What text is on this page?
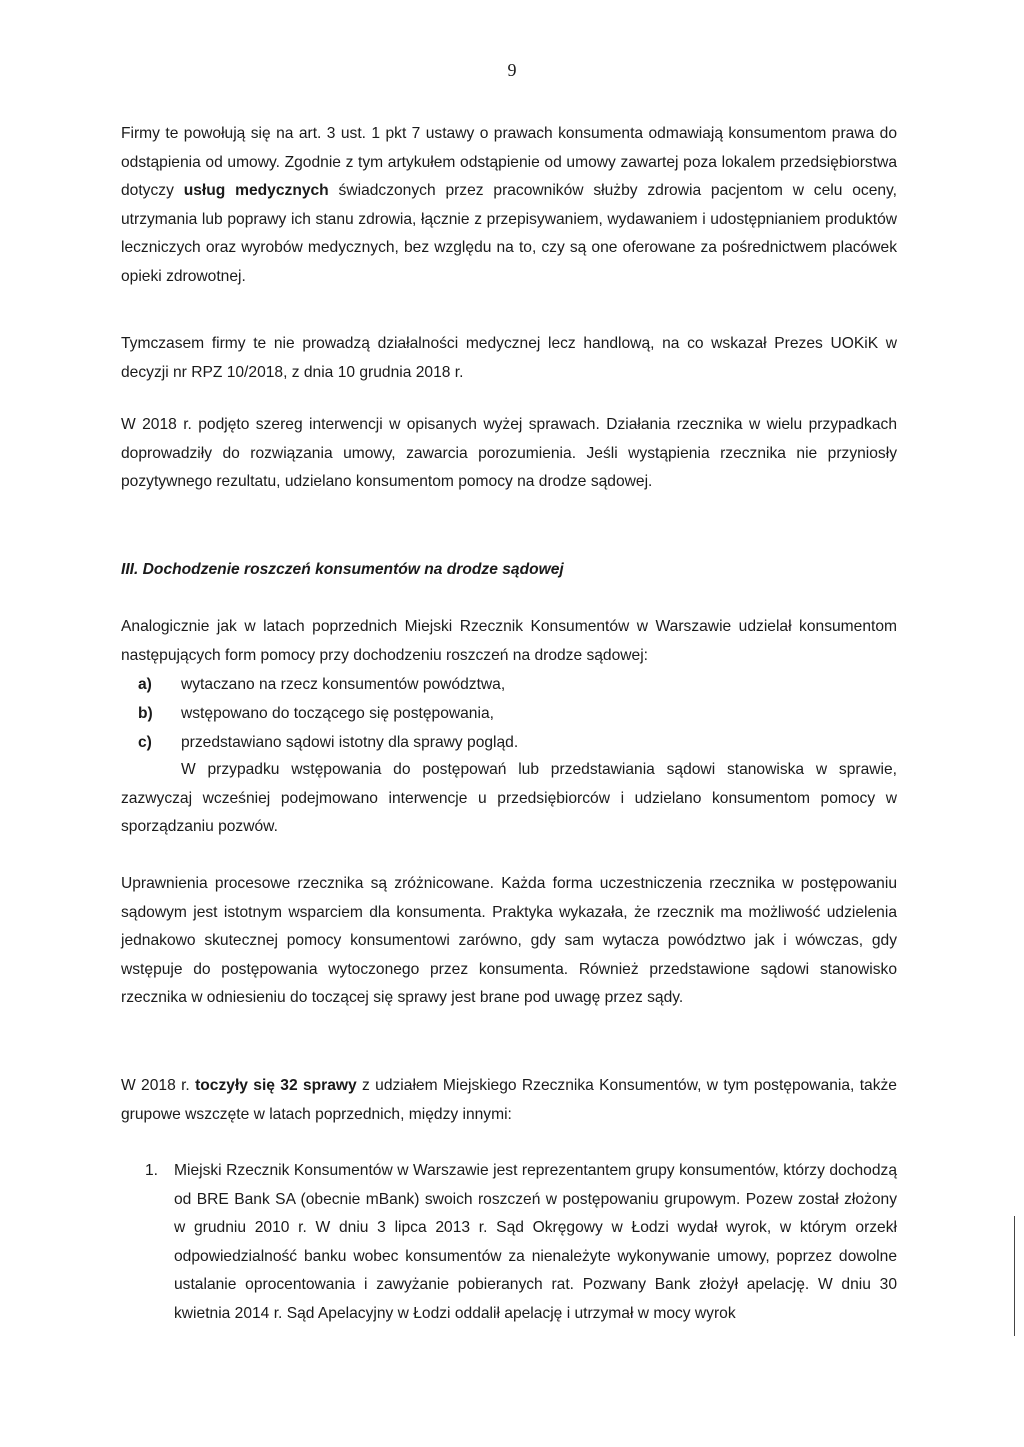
9

Firmy te powołują się na art. 3 ust. 1 pkt 7 ustawy o prawach konsumenta odmawiają konsumentom prawa do odstąpienia od umowy. Zgodnie z tym artykułem odstąpienie od umowy zawartej poza lokalem przedsiębiorstwa dotyczy usług medycznych świadczonych przez pracowników służby zdrowia pacjentom w celu oceny, utrzymania lub poprawy ich stanu zdrowia, łącznie z przepisywaniem, wydawaniem i udostępnianiem produktów leczniczych oraz wyrobów medycznych, bez względu na to, czy są one oferowane za pośrednictwem placówek opieki zdrowotnej.

Tymczasem firmy te nie prowadzą działalności medycznej lecz handlową, na co wskazał Prezes UOKiK w decyzji nr RPZ 10/2018, z dnia 10 grudnia 2018 r.

W 2018 r. podjęto szereg interwencji w opisanych wyżej sprawach. Działania rzecznika w wielu przypadkach doprowadziły do rozwiązania umowy, zawarcia porozumienia. Jeśli wystąpienia rzecznika nie przyniosły pozytywnego rezultatu, udzielano konsumentom pomocy na drodze sądowej.

III. Dochodzenie roszczeń konsumentów na drodze sądowej

Analogicznie jak w latach poprzednich Miejski Rzecznik Konsumentów w Warszawie udzielał konsumentom następujących form pomocy przy dochodzeniu roszczeń na drodze sądowej:

a) wytaczano na rzecz konsumentów powództwa,
b) wstępowano do toczącego się postępowania,
c) przedstawiano sądowi istotny dla sprawy pogląd.

W przypadku wstępowania do postępowań lub przedstawiania sądowi stanowiska w sprawie, zazwyczaj wcześniej podejmowano interwencje u przedsiębiorców i udzielano konsumentom pomocy w sporządzaniu pozwów.

Uprawnienia procesowe rzecznika są zróżnicowane. Każda forma uczestniczenia rzecznika w postępowaniu sądowym jest istotnym wsparciem dla konsumenta. Praktyka wykazała, że rzecznik ma możliwość udzielenia jednakowo skutecznej pomocy konsumentowi zarówno, gdy sam wytacza powództwo jak i wówczas, gdy wstępuje do postępowania wytoczonego przez konsumenta. Również przedstawione sądowi stanowisko rzecznika w odniesieniu do toczącej się sprawy jest brane pod uwagę przez sądy.

W 2018 r. toczyły się 32 sprawy z udziałem Miejskiego Rzecznika Konsumentów, w tym postępowania, także grupowe wszczęte w latach poprzednich, między innymi:

1. Miejski Rzecznik Konsumentów w Warszawie jest reprezentantem grupy konsumentów, którzy dochodzą od BRE Bank SA (obecnie mBank) swoich roszczeń w postępowaniu grupowym. Pozew został złożony w grudniu 2010 r. W dniu 3 lipca 2013 r. Sąd Okręgowy w Łodzi wydał wyrok, w którym orzekł odpowiedzialność banku wobec konsumentów za nienależyte wykonywanie umowy, poprzez dowolne ustalanie oprocentowania i zawyżanie pobieranych rat. Pozwany Bank złożył apelację. W dniu 30 kwietnia 2014 r. Sąd Apelacyjny w Łodzi oddalił apelację i utrzymał w mocy wyrok
